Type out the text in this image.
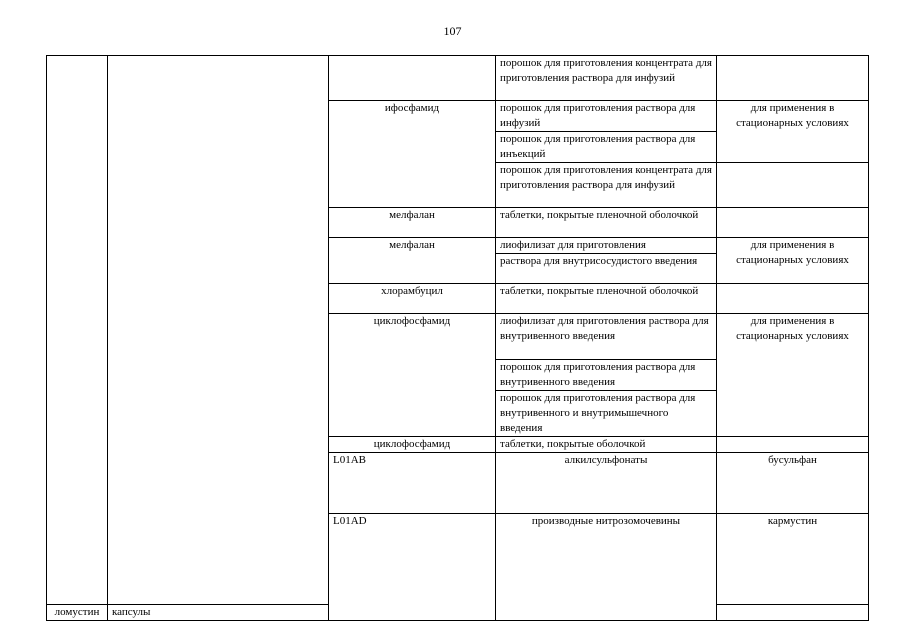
107
			порошок для приготовления концентрата для приготовления раствора для инфузий		
		ифосфамид	порошок для приготовления раствора для инфузий	для применения в стационарных условиях	
			порошок для приготовления раствора для инъекций		
			порошок для приготовления концентрата для приготовления раствора для инфузий		
		мелфалан	таблетки, покрытые пленочной оболочкой		
		мелфалан	лиофилизат для приготовления	для применения в стационарных условиях	
			раствора для внутрисосудистого введения		
		хлорамбуцил	таблетки, покрытые пленочной оболочкой		
		циклофосфамид	лиофилизат для приготовления раствора для внутривенного введения	для применения в стационарных условиях	
			порошок для приготовления раствора для внутривенного введения		
			порошок для приготовления раствора для внутривенного и внутримышечного введения		
		циклофосфамид	таблетки, покрытые оболочкой		
		L01AB	алкилсульфонаты	бусульфан		
		L01AD	производные нитрозомочевины	кармустин		
ломустин	капсулы				
